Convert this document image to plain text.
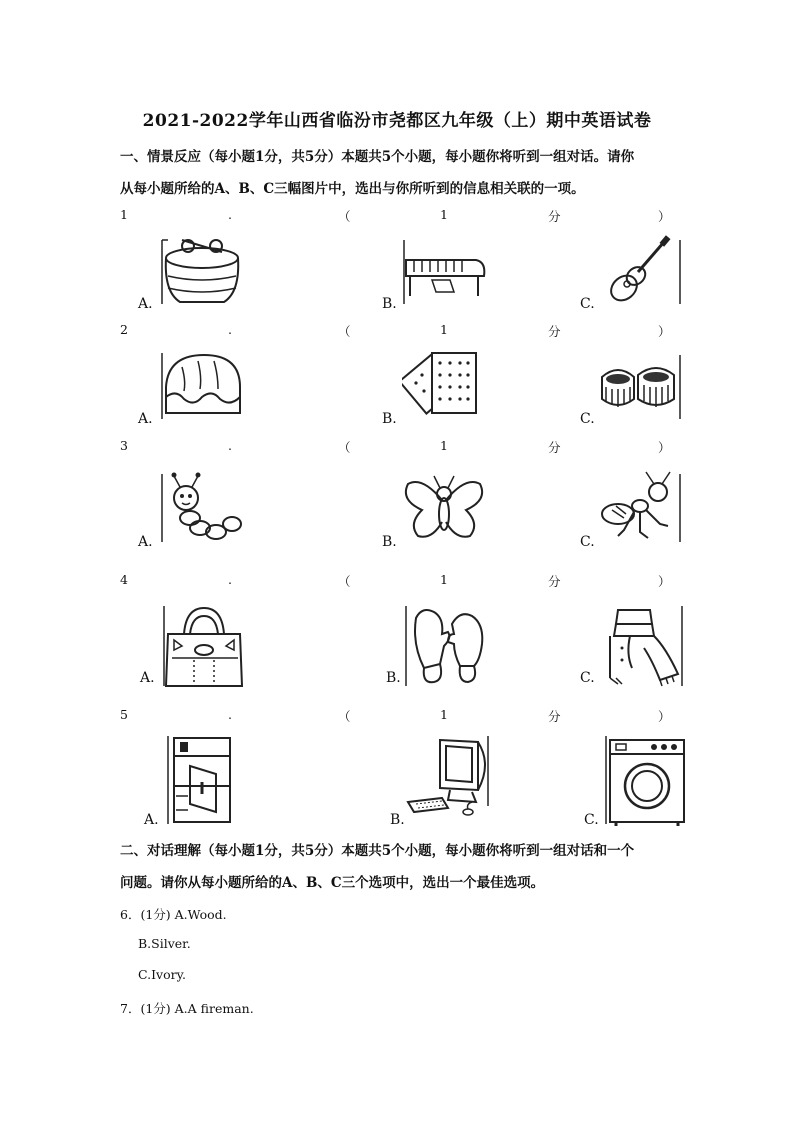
2021-2022学年山西省临汾市尧都区九年级（上）期中英语试卷
一、情景反应（每小题1分，共5分）本题共5个小题，每小题你将听到一组对话。请你
从每小题所给的A、B、C三幅图片中，选出与你所听到的信息相关联的一项。
1	.	（	1	分	）
A.	B.	C.
2	.	（	1	分	）
A.	B.	C.
3	.	（	1	分	）
A.	B.	C.
4	.	（	1	分	）
A.	B.	C.
5	.	（	1	分	）
A.	B.	C.
二、对话理解（每小题1分，共5分）本题共5个小题，每小题你将听到一组对话和一个
问题。请你从每小题所给的A、B、C三个选项中，选出一个最佳选项。
6．(1分) A.Wood.
B.Silver.
C.Ivory.
7．(1分) A.A fireman.
